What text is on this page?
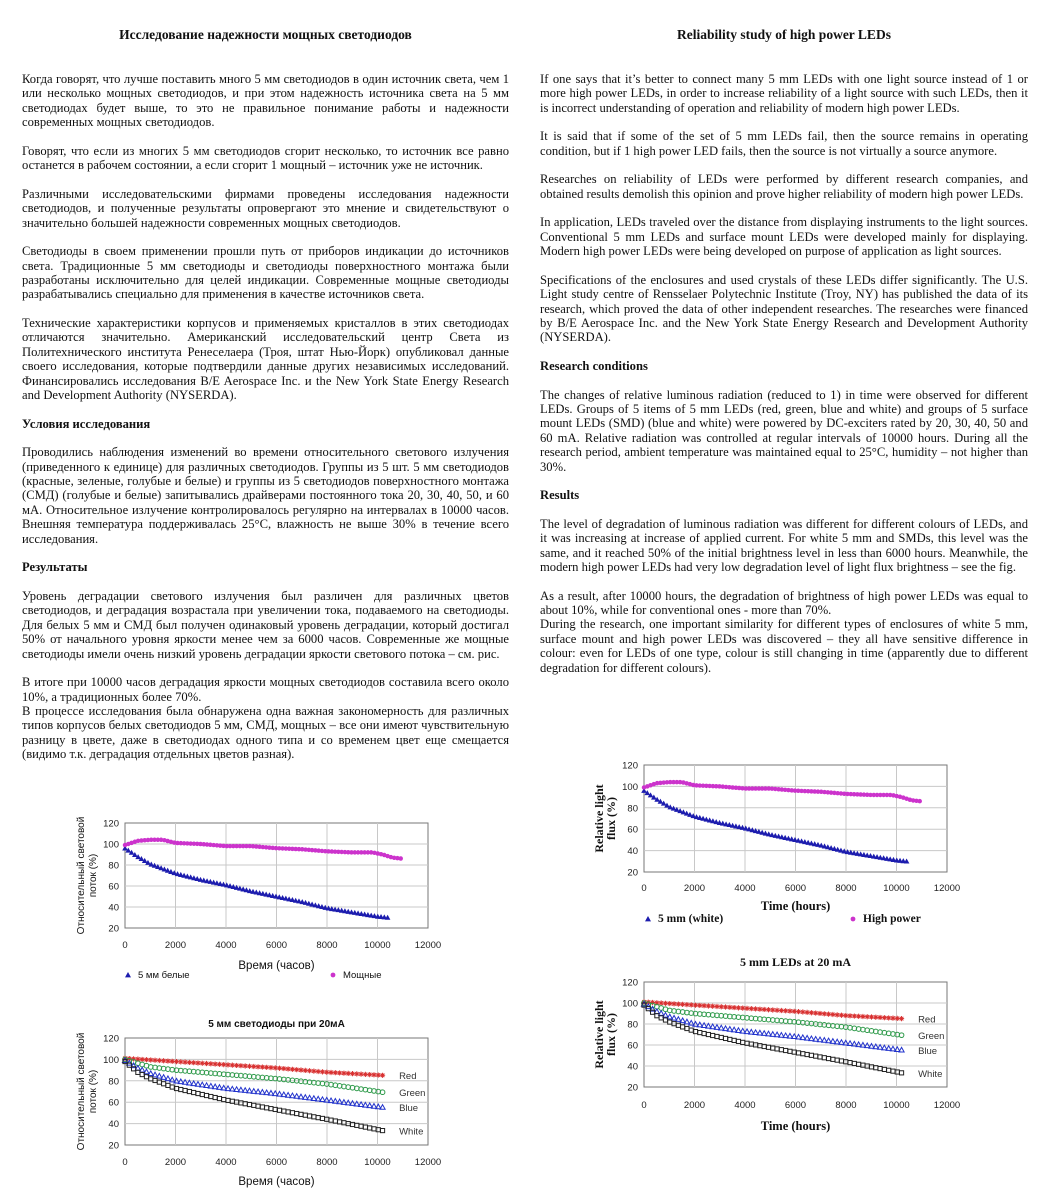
Исследование надежности мощных светодиодов	Reliability study of high power LEDs

Когда говорят, что лучше поставить много 5 мм светодиодов в один источник света, чем 1 или несколько мощных светодиодов, и при этом надежность источника света на 5 мм светодиодах будет выше, то это не правильное понимание работы и надежности современных мощных светодиодов.

Говорят, что если из многих 5 мм светодиодов сгорит несколько, то источник все равно останется в рабочем состоянии, а если сгорит 1 мощный – источник уже не источник.

Различными исследовательскими фирмами проведены исследования надежности светодиодов, и полученные результаты опровергают это мнение и свидетельствуют о значительно большей надежности современных мощных светодиодов.

Светодиоды в своем применении прошли путь от приборов индикации до источников света. Традиционные 5 мм светодиоды и светодиоды поверхностного монтажа были разработаны исключительно для целей индикации. Современные мощные светодиоды разрабатывались специально для применения в качестве источников света.

Технические характеристики корпусов и применяемых кристаллов в этих светодиодах отличаются значительно. Американский исследовательский центр Света из Политехнического института Ренеселаера (Троя, штат Нью-Йорк) опубликовал данные своего исследования, которые подтвердили данные других независимых исследований. Финансировались исследования B/E Aerospace Inc. и the New York State Energy Research and Development Authority (NYSERDA).

Условия исследования

Проводились наблюдения изменений во времени относительного светового излучения (приведенного к единице) для различных светодиодов. Группы из 5 шт. 5 мм светодиодов (красные, зеленые, голубые и белые) и группы из 5 светодиодов поверхностного монтажа (СМД) (голубые и белые) запитывались драйверами постоянного тока 20, 30, 40, 50, и 60 мА. Относительное излучение контролировалось регулярно на интервалах в 10000 часов. Внешняя температура поддерживалась 25°C, влажность не выше 30% в течение всего исследования.

Результаты

Уровень деградации светового излучения был различен для различных цветов светодиодов, и деградация возрастала при увеличении тока, подаваемого на светодиоды. Для белых 5 мм и СМД был получен одинаковый уровень деградации, который достигал 50% от начального уровня яркости менее чем за 6000 часов. Современные же мощные светодиоды имели очень низкий уровень деградации яркости светового потока – см. рис.

В итоге при 10000 часов деградация яркости мощных светодиодов составила всего около 10%, а традиционных более 70%.

В процессе исследования была обнаружена одна важная закономерность для различных типов корпусов белых светодиодов 5 мм, СМД, мощных – все они имеют чувствительную разницу в цвете, даже в светодиодах одного типа и со временем цвет еще смещается (видимо т.к. деградация отдельных цветов разная).

If one says that it’s better to connect many 5 mm LEDs with one light source instead of 1 or more high power LEDs, in order to increase reliability of a light source with such LEDs, then it is incorrect understanding of operation and reliability of modern high power LEDs.

It is said that if some of the set of 5 mm LEDs fail, then the source remains in operating condition, but if 1 high power LED fails, then the source is not virtually a source anymore.

Researches on reliability of LEDs were performed by different research companies, and obtained results demolish this opinion and prove higher reliability of modern high power LEDs.

In application, LEDs traveled over the distance from displaying instruments to the light sources. Conventional 5 mm LEDs and surface mount LEDs were developed mainly for displaying. Modern high power LEDs were being developed on purpose of application as light sources.

Specifications of the enclosures and used crystals of these LEDs differ significantly. The U.S. Light study centre of Rensselaer Polytechnic Institute (Troy, NY) has published the data of its research, which proved the data of other independent researches. The researches were financed by B/E Aerospace Inc. and the New York State Energy Research and Development Authority (NYSERDA).

Research conditions

The changes of relative luminous radiation (reduced to 1) in time were observed for different LEDs. Groups of 5 items of 5 mm LEDs (red, green, blue and white) and groups of 5 surface mount LEDs (SMD) (blue and white) were powered by DC-exciters rated by 20, 30, 40, 50 and 60 mA. Relative radiation was controlled at regular intervals of 10000 hours. During all the research period, ambient temperature was maintained equal to 25°C, humidity – not higher than 30%.

Results

The level of degradation of luminous radiation was different for different colours of LEDs, and it was increasing at increase of applied current. For white 5 mm and SMDs, this level was the same, and it reached 50% of the initial brightness level in less than 6000 hours. Meanwhile, the modern high power LEDs had very low degradation level of light flux brightness – see the fig.

As a result, after 10000 hours, the degradation of brightness of high power LEDs was equal to about 10%, while for conventional ones - more than 70%.

During the research, one important similarity for different types of enclosures of white 5 mm, surface mount and high power LEDs was discovered – they all have sensitive difference in colour: even for LEDs of one type, colour is still changing in time (apparently due to different degradation for different colours).

0	2000	4000	6000	8000	10000	12000
20
40
60
80
100
120
Время (часов)
Относительный световой поток (%)
5 мм белые	Мощные
0	2000	4000	6000	8000	10000	12000
20
40
60
80
100
120
Время (часов)
Относительный световой поток (%)
5 мм светодиоды при 20мА
Red
Green
Blue
White
0	2000	4000	6000	8000	10000	12000
20
40
60
80
100
120
Time (hours)
Relative light
flux (%)
5 mm (white)	High power
0	2000	4000	6000	8000	10000	12000
20
40
60
80
100
120
Time (hours)
Relative light
flux (%)
5 mm LEDs at 20 mA
Red
Green
Blue
White
